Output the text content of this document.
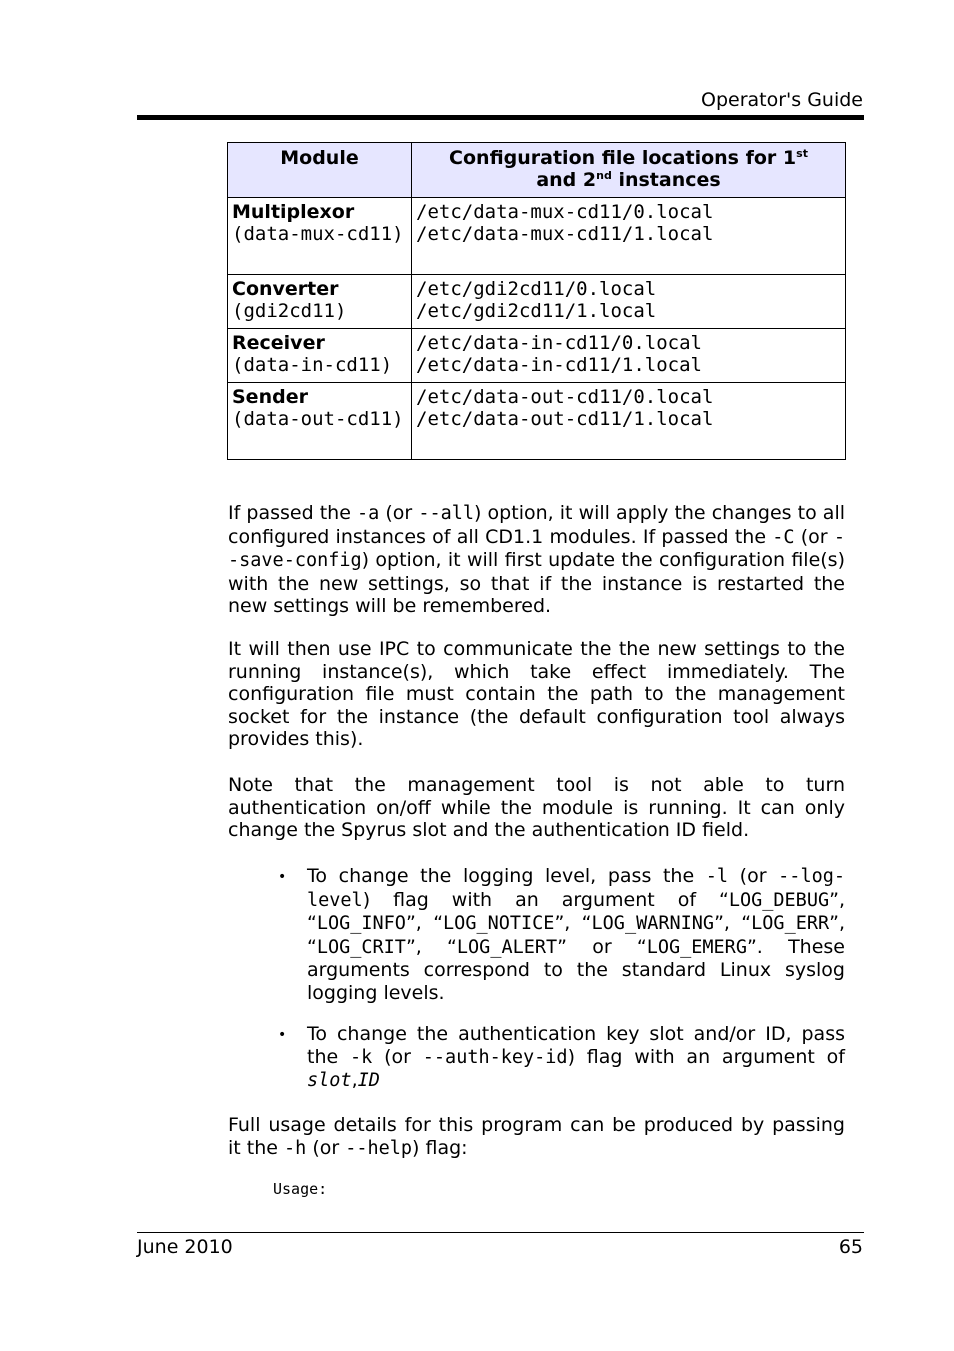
Operator's Guide
Module	Configuration file locations for 1st
and 2nd instances

Multiplexor
(data-mux-cd11)	/etc/data-mux-cd11/0.local
/etc/data-mux-cd11/1.local

Converter
(gdi2cd11)	/etc/gdi2cd11/0.local
/etc/gdi2cd11/1.local

Receiver
(data-in-cd11)	/etc/data-in-cd11/0.local
/etc/data-in-cd11/1.local

Sender
(data-out-cd11)	/etc/data-out-cd11/0.local
/etc/data-out-cd11/1.local

If passed the -a (or --all) option, it will apply the changes to all configured instances of all CD1.1 modules. If passed the -C (or --save-config) option, it will first update the configuration file(s) with the new settings, so that if the instance is restarted the new settings will be remembered.

It will then use IPC to communicate the the new settings to the running instance(s), which take effect immediately. The configuration file must contain the path to the management socket for the instance (the default configuration tool always provides this).

Note that the management tool is not able to turn authentication on/off while the module is running. It can only change the Spyrus slot and the authentication ID field.

• To change the logging level, pass the -l (or --log-level) flag with an argument of “LOG_DEBUG”, “LOG_INFO”, “LOG_NOTICE”, “LOG_WARNING”, “LOG_ERR”, “LOG_CRIT”, “LOG_ALERT” or “LOG_EMERG”. These arguments correspond to the standard Linux syslog logging levels.

• To change the authentication key slot and/or ID, pass the -k (or --auth-key-id) flag with an argument of slot,ID

Full usage details for this program can be produced by passing it the -h (or --help) flag:

Usage:
June 2010	65
